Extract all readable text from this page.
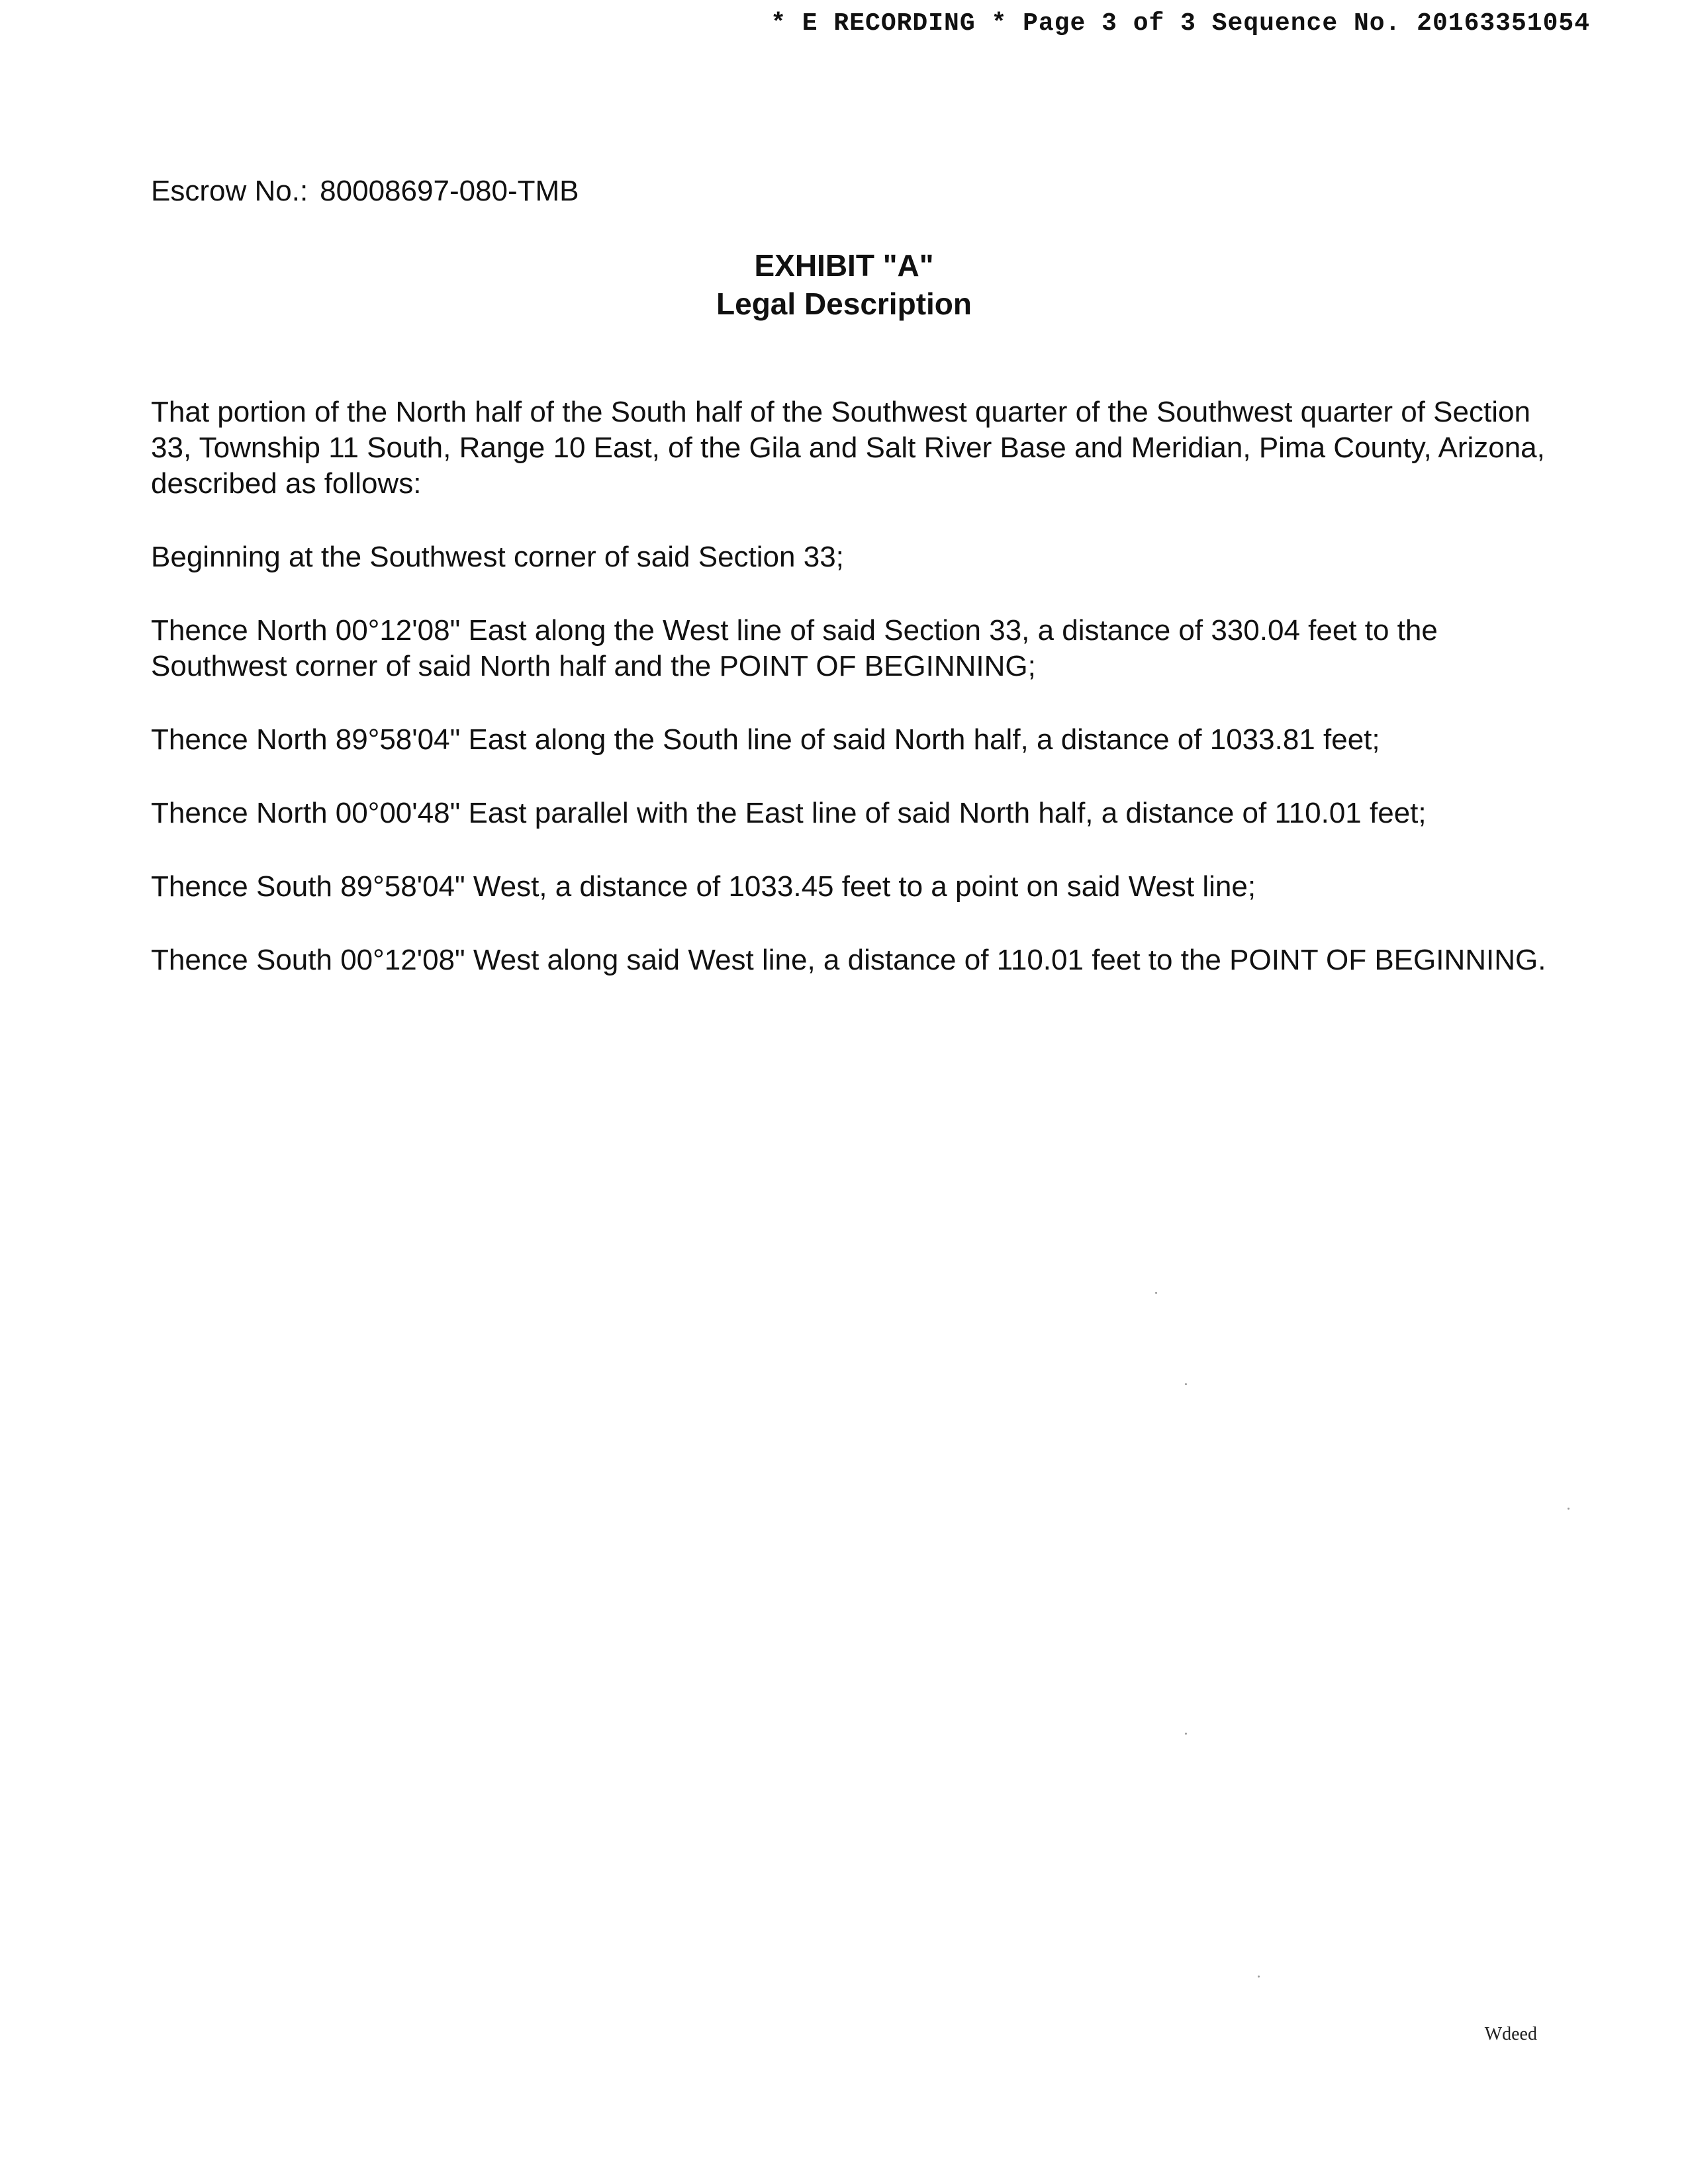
* E RECORDING * Page 3 of 3 Sequence No. 20163351054
Escrow No.: 80008697-080-TMB
EXHIBIT "A"
Legal Description

That portion of the North half of the South half of the Southwest quarter of the Southwest quarter of Section 33, Township 11 South, Range 10 East, of the Gila and Salt River Base and Meridian, Pima County, Arizona, described as follows:

Beginning at the Southwest corner of said Section 33;

Thence North 00°12'08" East along the West line of said Section 33, a distance of 330.04 feet to the Southwest corner of said North half and the POINT OF BEGINNING;

Thence North 89°58'04" East along the South line of said North half, a distance of 1033.81 feet;

Thence North 00°00'48" East parallel with the East line of said North half, a distance of 110.01 feet;

Thence South 89°58'04" West, a distance of 1033.45 feet to a point on said West line;

Thence South 00°12'08" West along said West line, a distance of 110.01 feet to the POINT OF BEGINNING.

Wdeed
